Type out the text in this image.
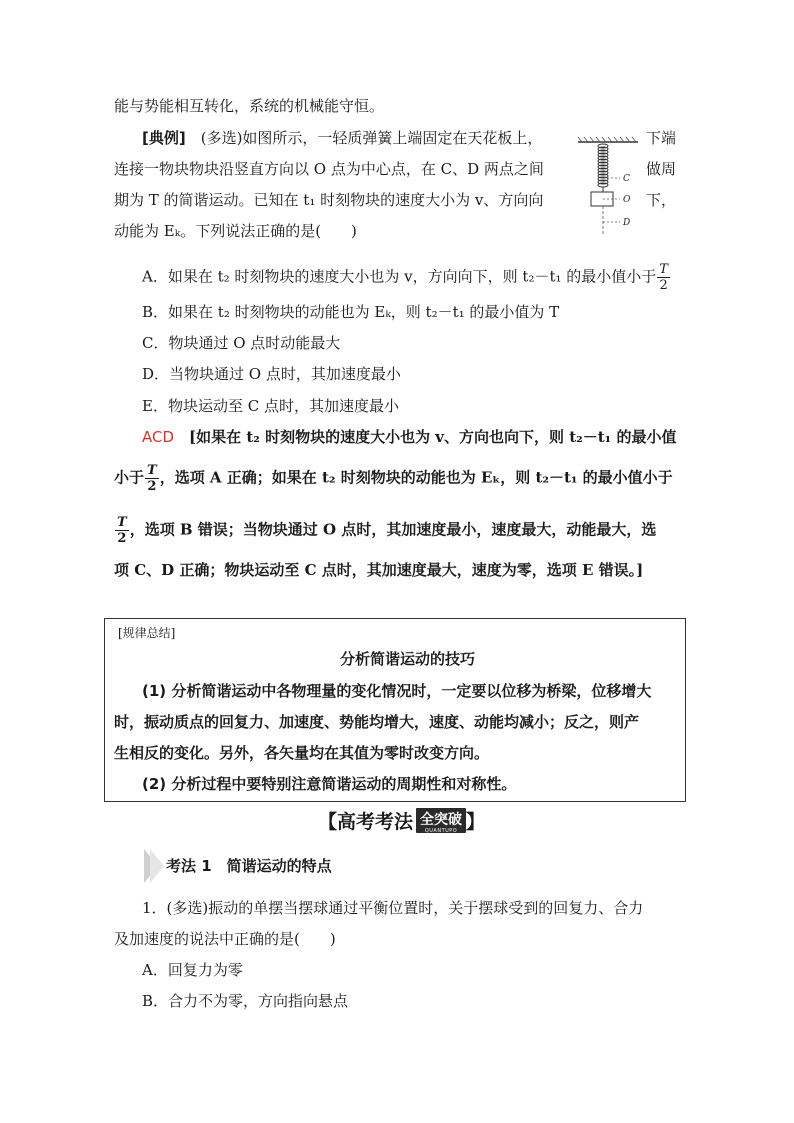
能与势能相互转化，系统的机械能守恒。
[典例]　(多选)如图所示，一轻质弹簧上端固定在天花板上，	下端
连接一物块物块沿竖直方向以 O 点为中心点，在 C、D 两点之间	做周
期为 T 的简谐运动。已知在 t₁ 时刻物块的速度大小为 v、方向向	下，
动能为 Eₖ。下列说法正确的是(　　)
C
O
D
A．如果在 t₂ 时刻物块的速度大小也为 v，方向向下，则 t₂－t₁ 的最小值小于 $\frac{T}{2}$
B．如果在 t₂ 时刻物块的动能也为 Eₖ，则 t₂－t₁ 的最小值为 T
C．物块通过 O 点时动能最大
D．当物块通过 O 点时，其加速度最小
E．物块运动至 C 点时，其加速度最小
ACD　[如果在 t₂ 时刻物块的速度大小也为 v、方向也向下，则 t₂－t₁ 的最小值
小于 $\frac{T}{2}$ ，选项 A 正确；如果在 t₂ 时刻物块的动能也为 Eₖ，则 t₂－t₁ 的最小值小于
$\frac{T}{2}$ ，选项 B 错误；当物块通过 O 点时，其加速度最小，速度最大，动能最大，选
项 C、D 正确；物块运动至 C 点时，其加速度最大，速度为零，选项 E 错误。]
[规律总结]
分析简谐运动的技巧
(1) 分析简谐运动中各物理量的变化情况时，一定要以位移为桥梁，位移增大
时，振动质点的回复力、加速度、势能均增大，速度、动能均减小；反之，则产
生相反的变化。另外，各矢量均在其值为零时改变方向。
(2) 分析过程中要特别注意简谐运动的周期性和对称性。
【 高考考法 全突破
QUANTUPO 】
考法 1　简谐运动的特点
1．(多选)振动的单摆当摆球通过平衡位置时，关于摆球受到的回复力、合力
及加速度的说法中正确的是(　　)
A．回复力为零
B．合力不为零，方向指向悬点
